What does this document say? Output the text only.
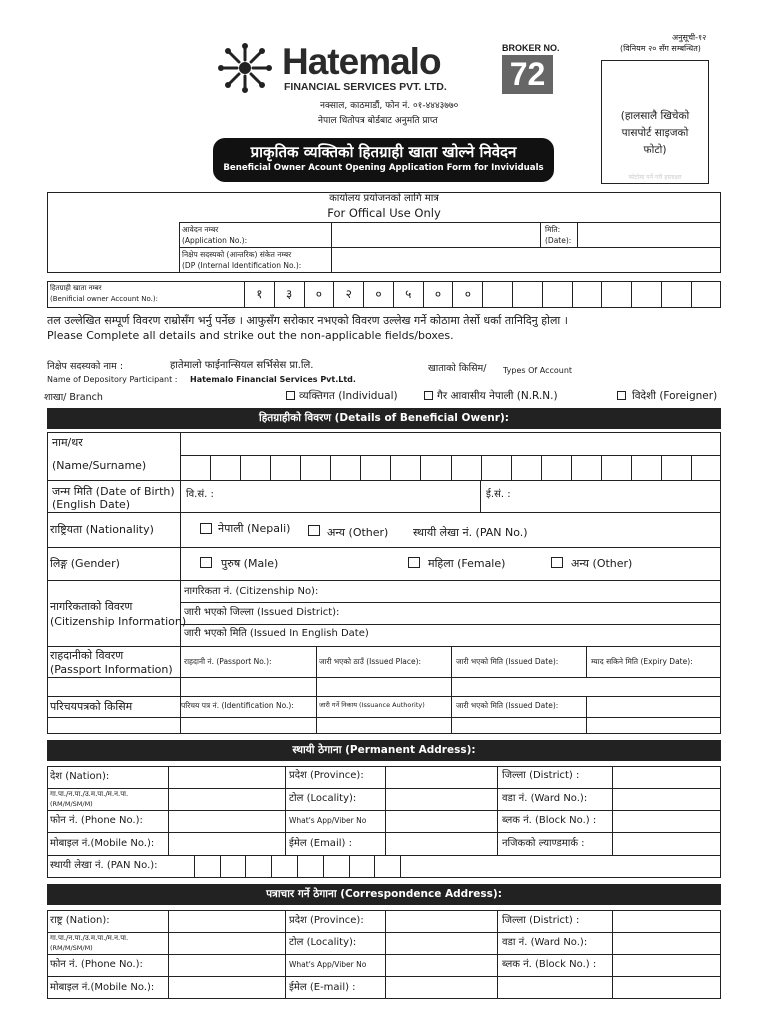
अनुसूची-१२
(विनियम २० सँग सम्बन्धित)
Hatemalo
FINANCIAL SERVICES PVT. LTD.
BROKER NO.
72
नक्साल, काठमाडौं, फोन नं. ०१-४४४३७७०
नेपाल धितोपत्र बोर्डबाट अनुमति प्राप्त
प्राकृतिक व्यक्तिको हितग्राही खाता खोल्ने निवेदन
Beneficial Owner Acount Opening Application Form for Invividuals
(हालसालै खिचेको
पासपोर्ट साइजको
फोटो)
फोटोमा पर्ने गरी हस्ताक्षर
कार्यालय प्रयोजनको लागि मात्र
For Offical Use Only
आवेदन नम्बर
(Application No.):
मिति:
(Date):
निक्षेप सदस्यको (आन्तरिक) संकेत नम्बर
(DP (Internal Identification No.):
हितग्राही खाता नम्बर
(Benificial owner Account No.):	१	३	०	२	०	५	०	०
तल उल्लेखित सम्पूर्ण विवरण राम्रोसँग भर्नु पर्नेछ । आफुसँग सरोकार नभएको विवरण उल्लेख गर्ने कोठामा तेर्सो धर्का तानिदिनु होला ।
Please Complete all details and strike out the non-applicable fields/boxes.
निक्षेप सदस्यको नाम :
Name of Depository Participant :
हातेमालो फाईनान्सियल सर्भिसेस प्रा.लि.
Hatemalo Financial Services Pvt.Ltd.
खाताको किसिम/ Types Of Account
शाखा/ Branch	व्यक्तिगत (Individual)	गैर आवासीय नेपाली (N.R.N.)	विदेशी (Foreigner)
हितग्राहीको विवरण (Details of Beneficial Owenr):
नाम/थर
(Name/Surname)
जन्म मिति (Date of Birth)
(English Date)
वि.सं. :	ई.सं. :
राष्ट्रियता (Nationality)	नेपाली (Nepali)	अन्य (Other) स्थायी लेखा नं. (PAN No.)
लिङ्ग (Gender)	पुरुष (Male)	महिला (Female)	अन्य (Other)
नागरिकताको विवरण
(Citizenship Information)
नागरिकता नं. (Citizenship No):
जारी भएको जिल्ला (Issued District):
जारी भएको मिति (Issued In English Date)
राहदानीको विवरण
(Passport Information)
राहदानी नं. (Passport No.):	जारी भएको ठाउँ (Issued Place):	जारी भएको मिति (Issued Date):	म्याद सकिने मिति (Expiry Date):
परिचयपत्रको किसिम	परिचय पत्र नं. (Identification No.):	जारी गर्ने निकाय (Issuance Authority)	जारी भएको मिति (Issued Date):
स्थायी ठेगाना (Permanent Address):
देश (Nation):	प्रदेश (Province):	जिल्ला (District) :
गा.पा./न.पा./उ.म.पा./म.न.पा.
(RM/M/SM/M)	टोल (Locality):	वडा नं. (Ward No.):
फोन नं. (Phone No.):	What's App/Viber No	ब्लक नं. (Block No.) :
मोबाइल नं.(Mobile No.):	ईमेल (Email) :	नजिकको ल्याण्डमार्क :
स्थायी लेखा नं. (PAN No.):
पत्राचार गर्ने ठेगाना (Correspondence Address):
राष्ट्र (Nation):	प्रदेश (Province):	जिल्ला (District) :
गा.पा./न.पा./उ.म.पा./म.न.पा.
(RM/M/SM/M)	टोल (Locality):	वडा नं. (Ward No.):
फोन नं. (Phone No.):	What's App/Viber No	ब्लक नं. (Block No.) :
मोबाइल नं.(Mobile No.):	ईमेल (E-mail) :
